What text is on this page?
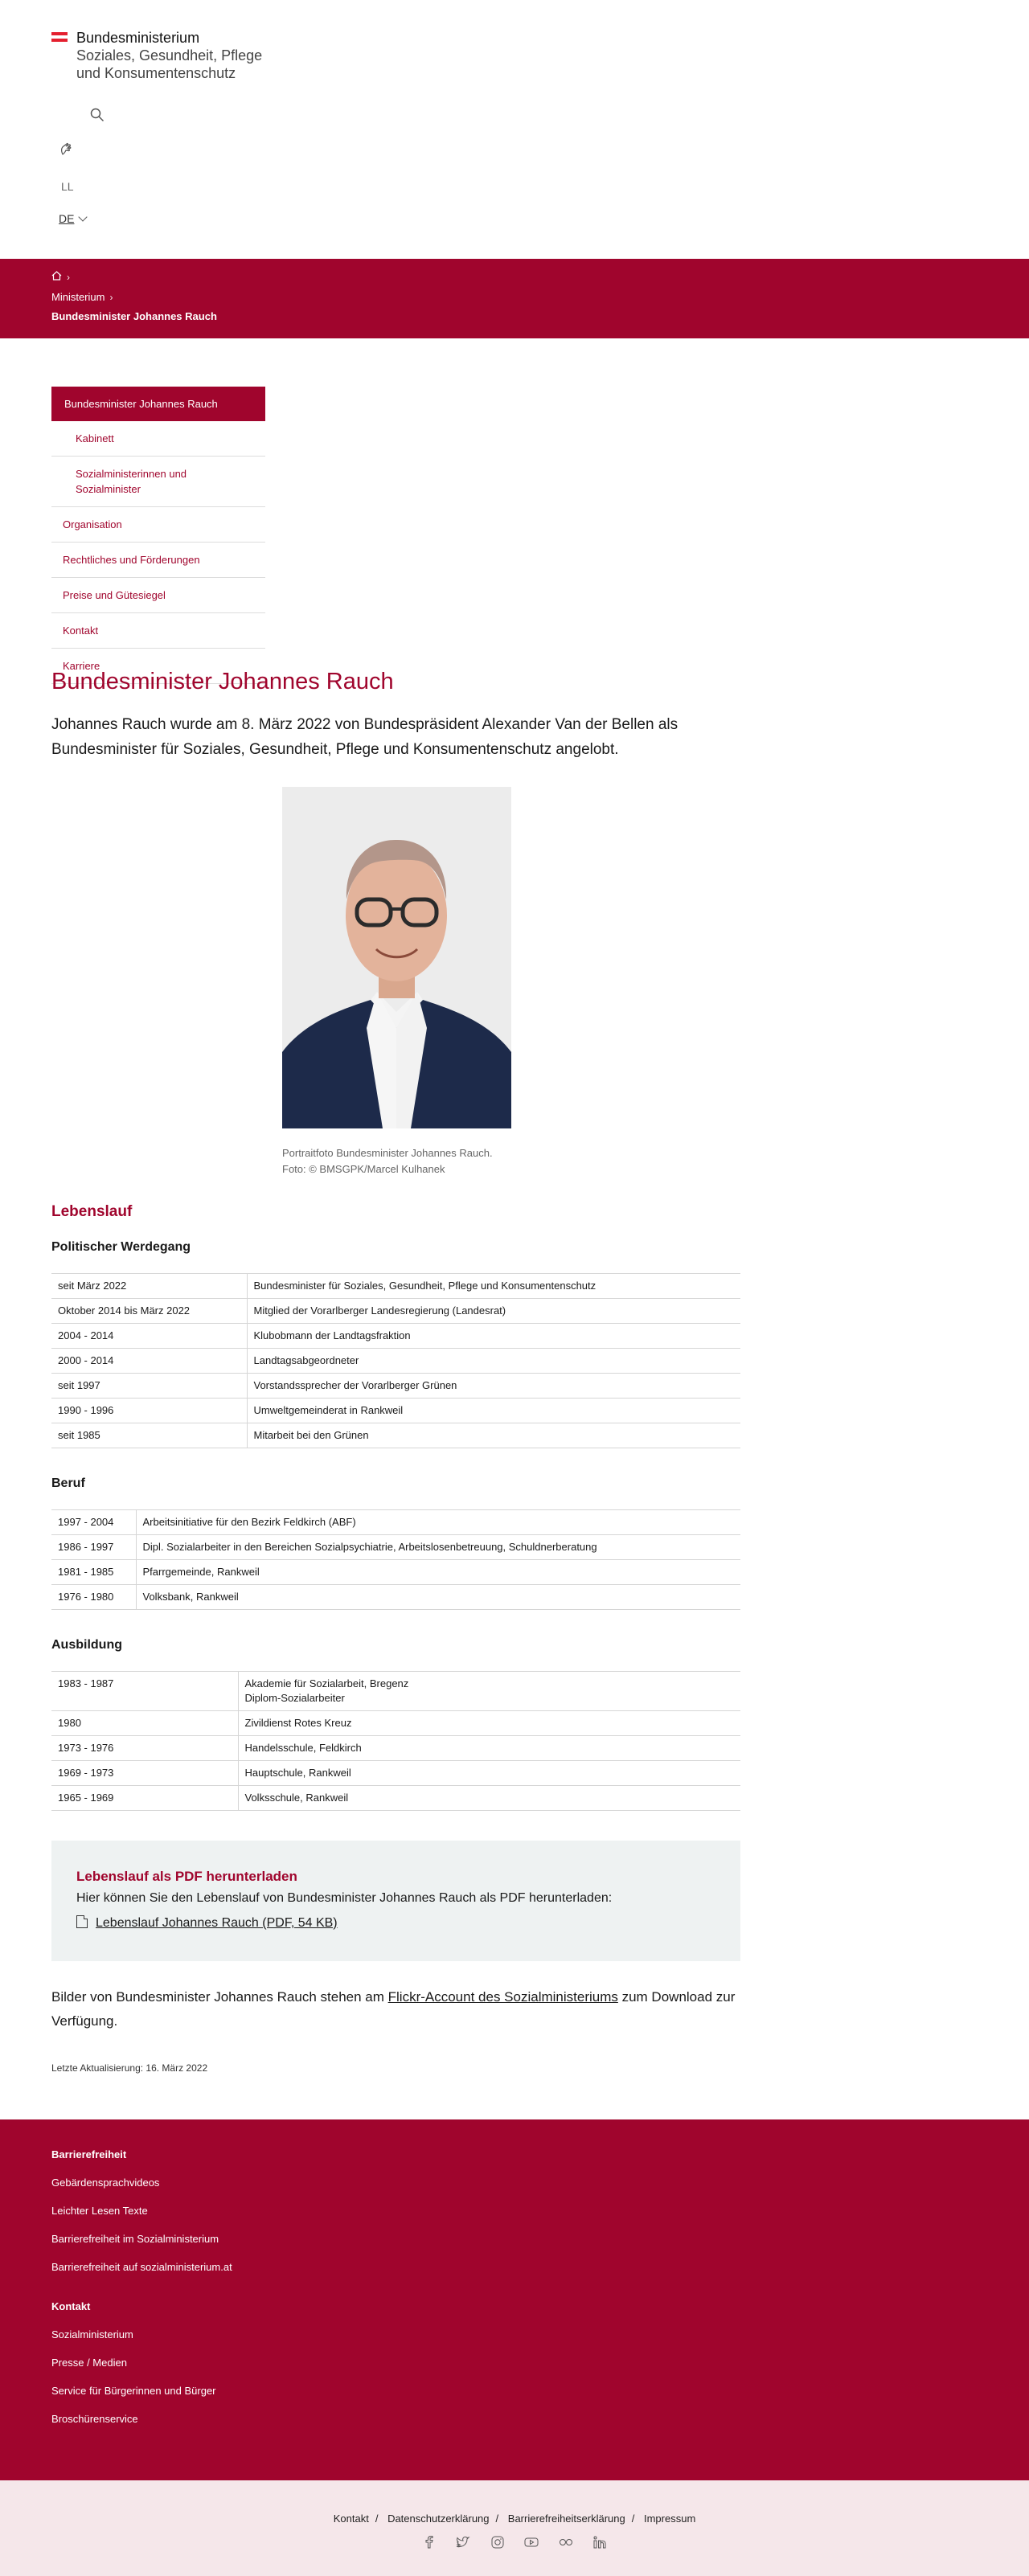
Bundesministerium
Soziales, Gesundheit, Pflege
und Konsumentenschutz
LL
DE
›
Ministerium ›
Bundesminister Johannes Rauch
Bundesminister Johannes Rauch
Kabinett
Sozialministerinnen und Sozialminister
Organisation
Rechtliches und Förderungen
Preise und Gütesiegel
Kontakt
Karriere
Bundesminister Johannes Rauch
Johannes Rauch wurde am 8. März 2022 von Bundespräsident Alexander Van der Bellen als Bundesminister für Soziales, Gesundheit, Pflege und Konsumentenschutz angelobt.
Portraitfoto Bundesminister Johannes Rauch.
Foto: © BMSGPK/Marcel Kulhanek
Lebenslauf
Politischer Werdegang
seit März 2022	Bundesminister für Soziales, Gesundheit, Pflege und Konsumentenschutz

Oktober 2014 bis März 2022	Mitglied der Vorarlberger Landesregierung (Landesrat)

2004 - 2014	Klubobmann der Landtagsfraktion

2000 - 2014	Landtagsabgeordneter

seit 1997	Vorstandssprecher der Vorarlberger Grünen

1990 - 1996	Umweltgemeinderat in Rankweil

seit 1985	Mitarbeit bei den Grünen
Beruf
1997 - 2004	Arbeitsinitiative für den Bezirk Feldkirch (ABF)

1986 - 1997	Dipl. Sozialarbeiter in den Bereichen Sozialpsychiatrie, Arbeitslosenbetreuung, Schuldnerberatung

1981 - 1985	Pfarrgemeinde, Rankweil

1976 - 1980	Volksbank, Rankweil
Ausbildung
1983 - 1987	Akademie für Sozialarbeit, Bregenz
Diplom-Sozialarbeiter

1980	Zivildienst Rotes Kreuz

1973 - 1976	Handelsschule, Feldkirch

1969 - 1973	Hauptschule, Rankweil

1965 - 1969	Volksschule, Rankweil
Lebenslauf als PDF herunterladen
Hier können Sie den Lebenslauf von Bundesminister Johannes Rauch als PDF herunterladen:
Lebenslauf Johannes Rauch (PDF, 54 KB)
Bilder von Bundesminister Johannes Rauch stehen am Flickr-Account des Sozialministeriums zum Download zur Verfügung.
Letzte Aktualisierung: 16. März 2022
Barrierefreiheit
Gebärdensprachvideos
Leichter Lesen Texte
Barrierefreiheit im Sozialministerium
Barrierefreiheit auf sozialministerium.at
Kontakt
Sozialministerium
Presse / Medien
Service für Bürgerinnen und Bürger
Broschürenservice
Kontakt / Datenschutzerklärung / Barrierefreiheitserklärung / Impressum
